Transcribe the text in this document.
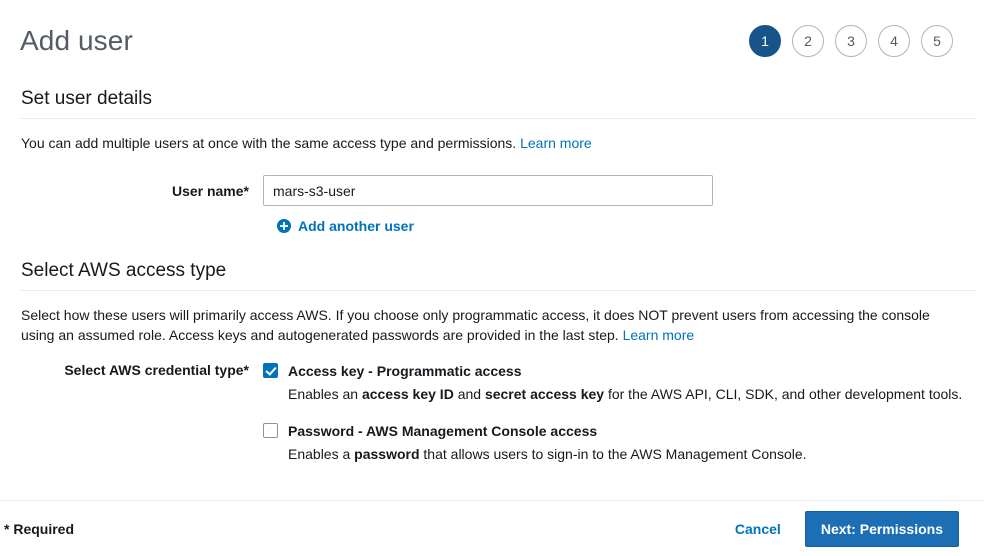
Add user	1	2	3	4	5
Set user details
You can add multiple users at once with the same access type and permissions. Learn more
User name*
mars-s3-user
Add another user
Select AWS access type
Select how these users will primarily access AWS. If you choose only programmatic access, it does NOT prevent users from accessing the console using an assumed role. Access keys and autogenerated passwords are provided in the last step. Learn more
Select AWS credential type*	Access key - Programmatic access
Enables an access key ID and secret access key for the AWS API, CLI, SDK, and other development tools.
Password - AWS Management Console access
Enables a password that allows users to sign-in to the AWS Management Console.
* Required	Cancel	Next: Permissions
